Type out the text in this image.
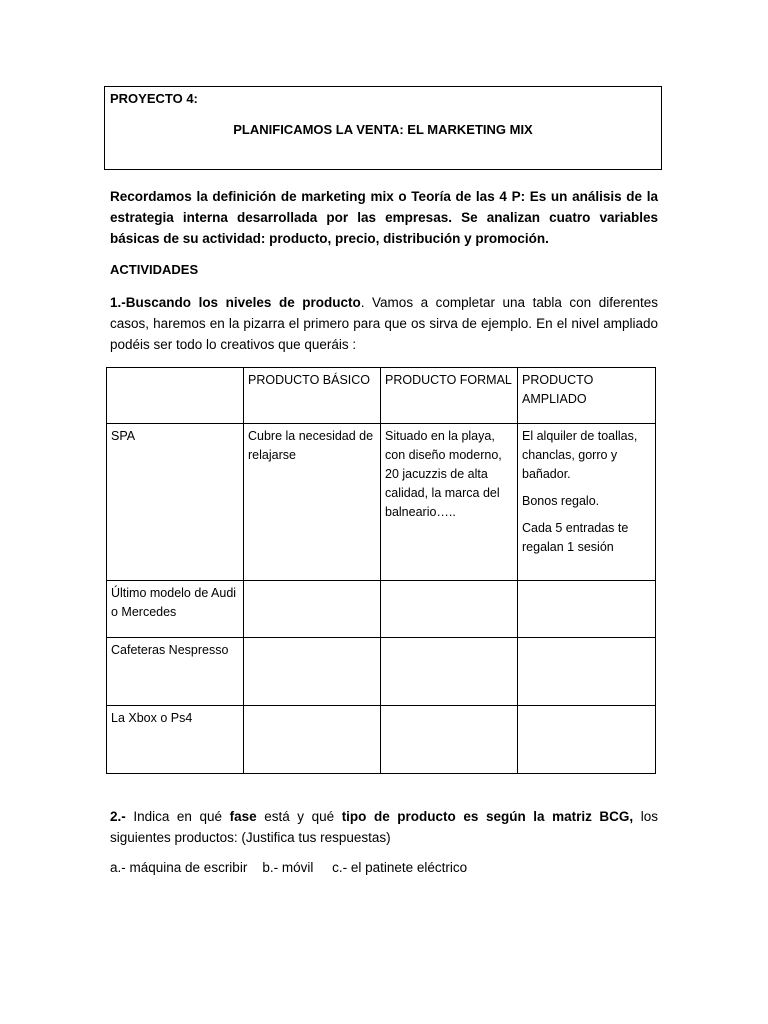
PROYECTO 4:
PLANIFICAMOS LA VENTA: EL MARKETING MIX
Recordamos la definición de marketing mix o Teoría de las 4 P: Es un análisis de la estrategia interna desarrollada por las empresas. Se analizan cuatro variables básicas de su actividad: producto, precio, distribución y promoción.
ACTIVIDADES
1.-Buscando los niveles de producto. Vamos a completar una tabla con diferentes casos, haremos en la pizarra el primero para que os sirva de ejemplo. En el nivel ampliado podéis ser todo lo creativos que queráis :
	PRODUCTO BÁSICO	PRODUCTO FORMAL	PRODUCTO AMPLIADO
SPA	Cubre la necesidad de relajarse	Situado en la playa, con diseño moderno, 20 jacuzzis de alta calidad, la marca del balneario…..	El alquiler de toallas, chanclas, gorro y bañador.
Bonos regalo.
Cada 5 entradas te regalan 1 sesión

Último modelo de Audi o Mercedes			
Cafeteras Nespresso			
La Xbox o Ps4			
2.- Indica en qué fase está y qué tipo de producto es según la matriz BCG, los siguientes productos: (Justifica tus respuestas)
a.- máquina de escribir    b.- móvil     c.- el patinete eléctrico
